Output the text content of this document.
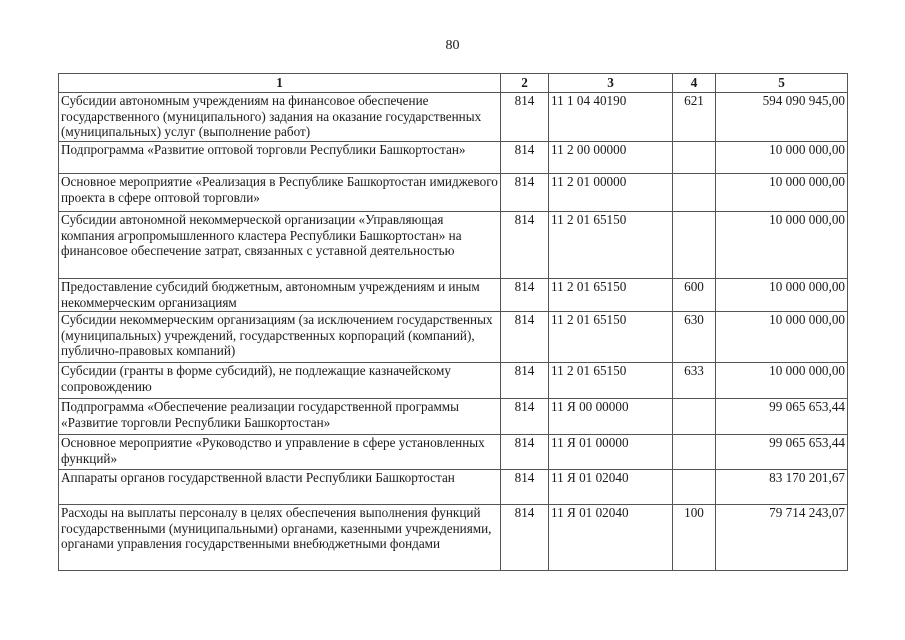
80
1	2	3	4	5
Субсидии автономным учреждениям на финансовое обеспечение государственного (муниципального) задания на оказание государственных (муниципальных) услуг (выполнение работ)	814	11 1 04 40190	621	594 090 945,00
Подпрограмма «Развитие оптовой торговли Республики Башкортостан»	814	11 2 00 00000		10 000 000,00
Основное мероприятие «Реализация в Республике Башкортостан имиджевого проекта в сфере оптовой торговли»	814	11 2 01 00000		10 000 000,00
Субсидии автономной некоммерческой организации «Управляющая компания агропромышленного кластера Республики Башкортостан» на финансовое обеспечение затрат, связанных с уставной деятельностью	814	11 2 01 65150		10 000 000,00
Предоставление субсидий бюджетным, автономным учреждениям и иным некоммерческим организациям	814	11 2 01 65150	600	10 000 000,00
Субсидии некоммерческим организациям (за исключением государственных (муниципальных) учреждений, государственных корпораций (компаний), публично-правовых компаний)	814	11 2 01 65150	630	10 000 000,00
Субсидии (гранты в форме субсидий), не подлежащие казначейскому сопровождению	814	11 2 01 65150	633	10 000 000,00
Подпрограмма «Обеспечение реализации государственной программы «Развитие торговли Республики Башкортостан»	814	11 Я 00 00000		99 065 653,44
Основное мероприятие «Руководство и управление в сфере установленных функций»	814	11 Я 01 00000		99 065 653,44
Аппараты органов государственной власти Республики Башкортостан	814	11 Я 01 02040		83 170 201,67
Расходы на выплаты персоналу в целях обеспечения выполнения функций государственными (муниципальными) органами, казенными учреждениями, органами управления государственными внебюджетными фондами	814	11 Я 01 02040	100	79 714 243,07
